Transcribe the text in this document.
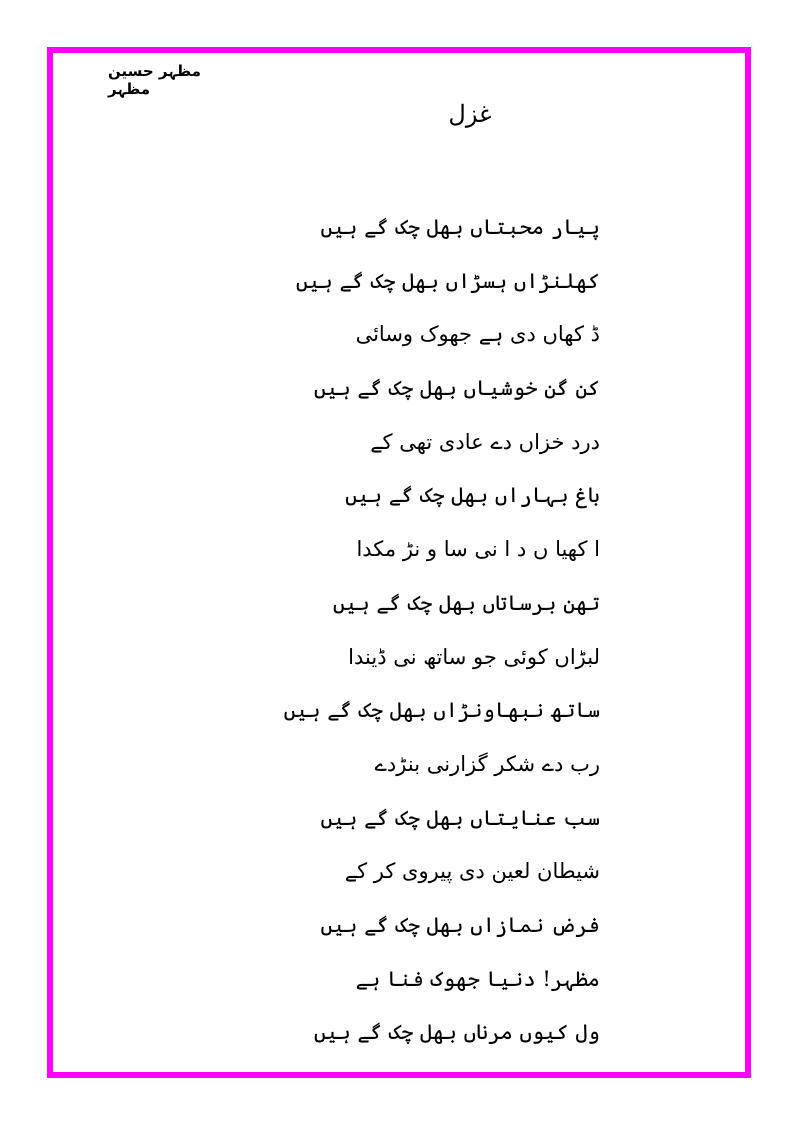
مظہر حسین مظہر
غزل
پیار محبتاں بھل چک گے ہیں
کھلنڑاں ہسڑاں بھل چک گے ہیں
ڈ کھاں دی ہے جھوک وسائی
کن گن خوشیاں بھل چک گے ہیں
درد خزاں دے عادی تھی کے
باغ بہاراں بھل چک گے ہیں
ا کھیا ں د ا نی سا و نڑ مکدا
تھن برساتاں بھل چک گے ہیں
لبڑاں کوئی جو ساتھ نی ڈیندا
ساتھ نبھاونڑاں بھل چک گے ہیں
رب دے شکر گزارنی بنڑدے
سب عنایتاں بھل چک گے ہیں
شیطان لعین دی پیروی کر کے
فرض نمازاں بھل چک گے ہیں
مظہر! دنیا جھوک فنا ہے
ول کیوں مرناں بھل چک گے ہیں
